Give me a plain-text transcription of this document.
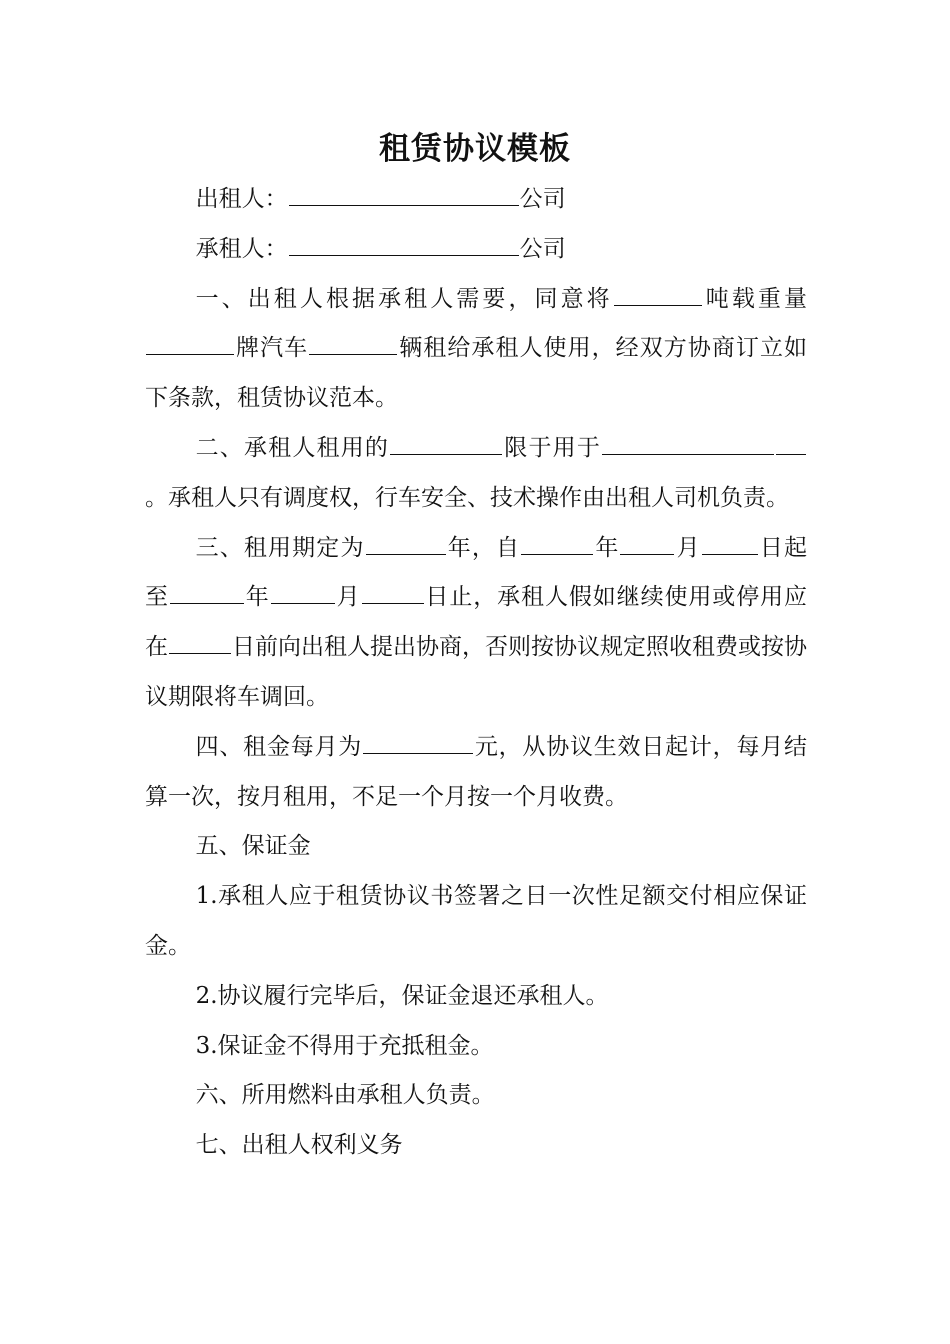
租赁协议模板

出租人：	公司

承租人：	公司

一、出租人根据承租人需要，同意将	吨载重量牌汽车	辆租给承租人使用，经双方协商订立如下条款，租赁协议范本。

二、承租人租用的	限于用于。承租人只有调度权，行车安全、技术操作由出租人司机负责。

三、租用期定为	年，自	年 月	日起至	年	月	日止，承租人假如继续使用或停用应在	日前向出租人提出协商，否则按协议规定照收租费或按协议期限将车调回。

四、租金每月为	元，从协议生效日起计，每月结算一次，按月租用，不足一个月按一个月收费。

五、保证金

1.承租人应于租赁协议书签署之日一次性足额交付相应保证金。

2.协议履行完毕后，保证金退还承租人。

3.保证金不得用于充抵租金。

六、所用燃料由承租人负责。

七、出租人权利义务
